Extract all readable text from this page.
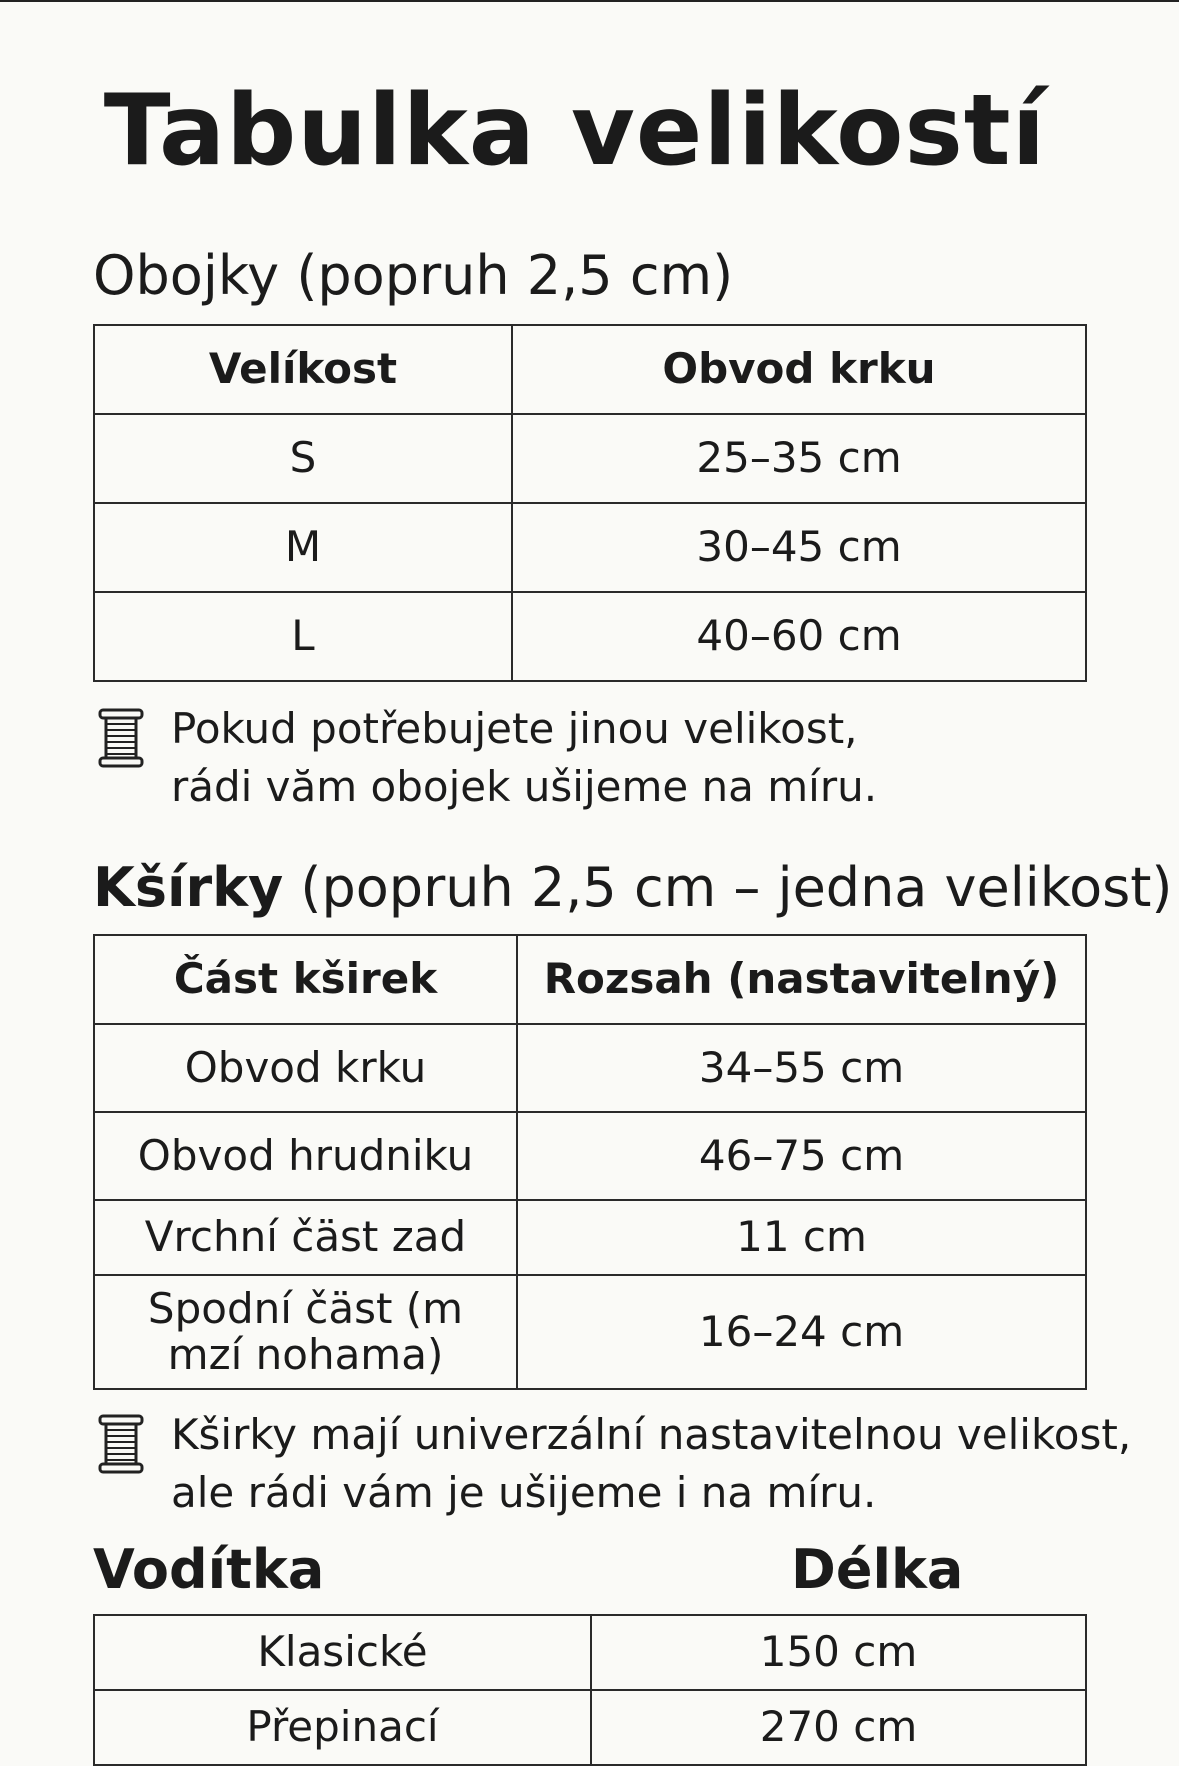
Tabulka velikostí
Obojky (popruh 2,5 cm)
Velíkost	Obvod krku
S	25–35 cm
M	30–45 cm
L	40–60 cm
Pokud potřebujete jinou velikost,
rádi văm obojek ušijeme na míru.
Kšírky (popruh 2,5 cm – jedna velikost)
Část kširek	Rozsah (nastavitelný)
Obvod krku	34–55 cm
Obvod hrudniku	46–75 cm
Vrchní čäst zad	11 cm
Spodní čäst (m
mzí nohama)	16–24 cm
Kširky mají univerzální nastavitelnou velikost,
ale rádi vám je ušijeme i na míru.
Vodítka	Délka
Klasické	150 cm
Přepinací	270 cm
